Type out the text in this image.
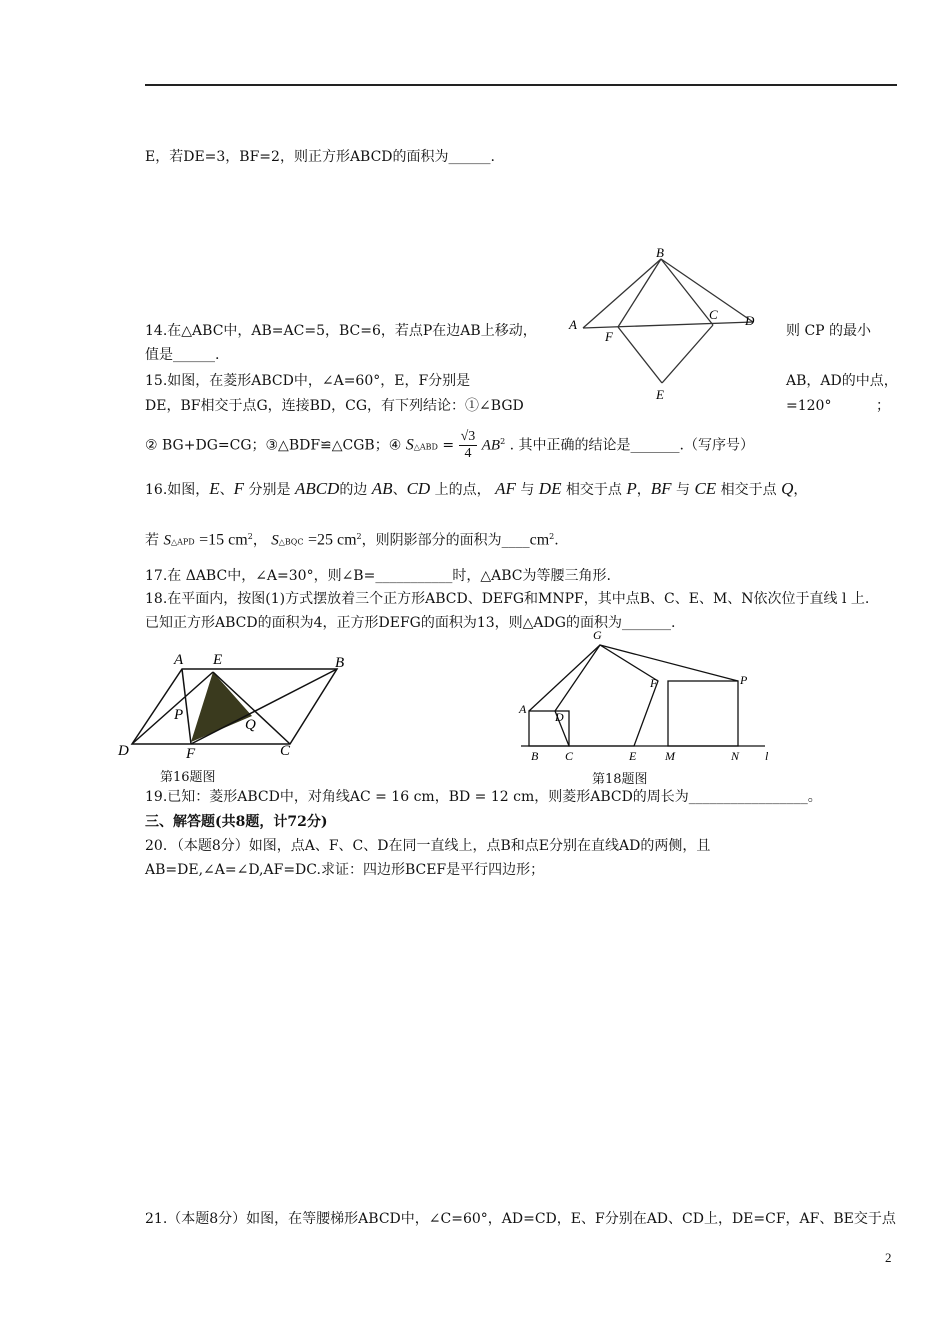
E，若DE=3，BF=2，则正方形ABCD的面积为______.
B
A
F
C D
E
14.在△ABC中，AB=AC=5，BC=6，若点P在边AB上移动，	则 CP 的最小
值是______.
15.如图，在菱形ABCD中，∠A=60°，E，F分别是	AB，AD的中点，
DE，BF相交于点G，连接BD，CG，有下列结论：①∠BGD	=120°	；
② BG+DG=CG；③△BDF≌△CGB；④ S△ABD = $\frac{√3}{4} AB^2$ . 其中正确的结论是_______.（写序号）
16.如图，E、F 分别是 ABCD的边 AB、CD 上的点， AF 与 DE 相交于点 P，BF 与 CE 相交于点 Q，
若 S△APD =15 $cm^2$， S△BQC =25 $cm^2$，则阴影部分的面积为$\_\_\_\_cm^2$.
17.在 ΔABC中，∠A=30°，则∠B=___________时，△ABC为等腰三角形.
18.在平面内，按图(1)方式摆放着三个正方形ABCD、DEFG和MNPF，其中点B、C、E、M、N依次位于直线 l 上.
已知正方形ABCD的面积为4，正方形DEFG的面积为13，则△ADG的面积为_______.
A E	B
P
Q
D	F	C
第16题图
G
F	P
A
D
B C	E M	N l
第18题图
19.已知：菱形ABCD中，对角线AC = 16 cm，BD = 12 cm，则菱形ABCD的周长为_________________。
三、解答题(共8题，计72分)
20．（本题8分）如图，点A、F、C、D在同一直线上，点B和点E分别在直线AD的两侧，且
AB=DE,∠A=∠D,AF=DC.求证：四边形BCEF是平行四边形；
21.（本题8分）如图，在等腰梯形ABCD中，∠C=60°，AD=CD，E、F分别在AD、CD上，DE=CF，AF、BE交于点
2
